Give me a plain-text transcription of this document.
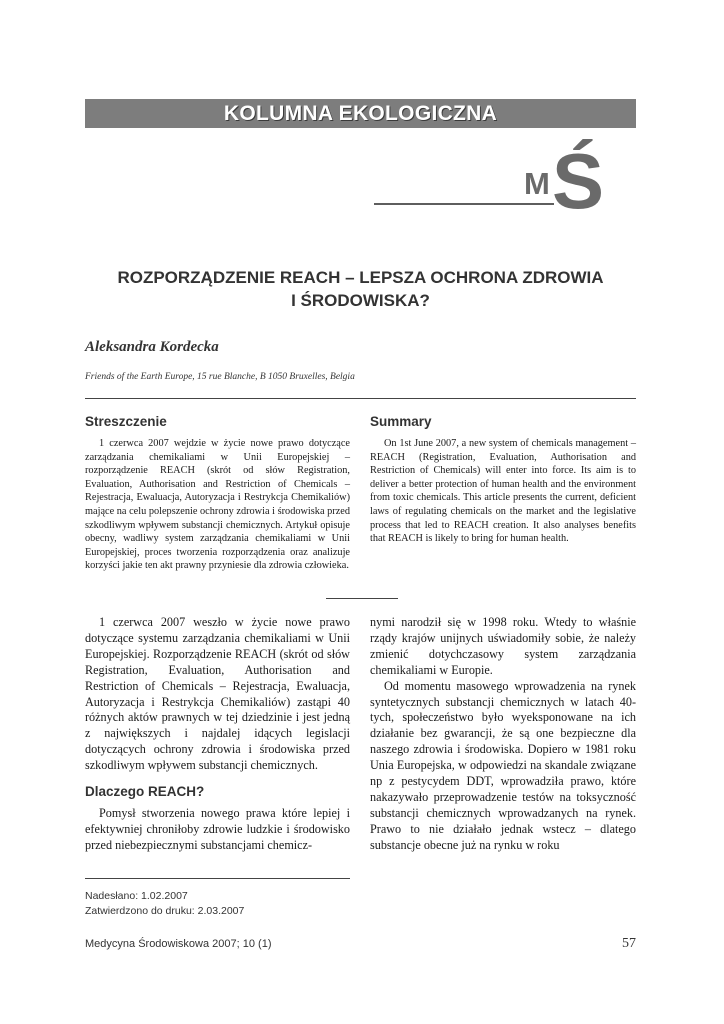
KOLUMNA EKOLOGICZNA
M Ś
ROZPORZĄDZENIE REACH – LEPSZA OCHRONA ZDROWIA
I ŚRODOWISKA?
Aleksandra Kordecka
Friends of the Earth Europe, 15 rue Blanche, B 1050 Bruxelles, Belgia
Streszczenie

1 czerwca 2007 wejdzie w życie nowe prawo dotyczące zarządzania chemikaliami w Unii Europejskiej – rozporządzenie REACH (skrót od słów Registration, Evaluation, Authorisation and Restriction of Chemicals – Rejestracja, Ewaluacja, Autoryzacja i Restrykcja Chemikaliów) mające na celu polepszenie ochrony zdrowia i środowiska przed szkodliwym wpływem substancji chemicznych. Artykuł opisuje obecny, wadliwy system zarządzania chemikaliami w Unii Europejskiej, proces tworzenia rozporządzenia oraz analizuje korzyści jakie ten akt prawny przyniesie dla zdrowia człowieka.

Summary

On 1st June 2007, a new system of chemicals management – REACH (Registration, Evaluation, Authorisation and Restriction of Chemicals) will enter into force. Its aim is to deliver a better protection of human health and the environment from toxic chemicals. This article presents the current, deficient laws of regulating chemicals on the market and the legislative process that led to REACH creation. It also analyses benefits that REACH is likely to bring for human health.

1 czerwca 2007 weszło w życie nowe prawo dotyczące systemu zarządzania chemikaliami w Unii Europejskiej. Rozporządzenie REACH (skrót od słów Registration, Evaluation, Authorisation and Restriction of Chemicals – Rejestracja, Ewaluacja, Autoryzacja i Restrykcja Chemikaliów) zastąpi 40 różnych aktów prawnych w tej dziedzinie i jest jedną z największych i najdalej idących legislacji dotyczących ochrony zdrowia i środowiska przed szkodliwym wpływem substancji chemicznych.

Dlaczego REACH?

Pomysł stworzenia nowego prawa które lepiej i efektywniej chroniłoby zdrowie ludzkie i środowisko przed niebezpiecznymi substancjami chemicz-

nymi narodził się w 1998 roku. Wtedy to właśnie rządy krajów unijnych uświadomiły sobie, że należy zmienić dotychczasowy system zarządzania chemikaliami w Europie.

Od momentu masowego wprowadzenia na rynek syntetycznych substancji chemicznych w latach 40-tych, społeczeństwo było wyeksponowane na ich działanie bez gwarancji, że są one bezpieczne dla naszego zdrowia i środowiska. Dopiero w 1981 roku Unia Europejska, w odpowiedzi na skandale związane np z pestycydem DDT, wprowadziła prawo, które nakazywało przeprowadzenie testów na toksyczność substancji chemicznych wprowadzanych na rynek. Prawo to nie działało jednak wstecz – dlatego substancje obecne już na rynku w roku

Nadesłano: 1.02.2007
Zatwierdzono do druku: 2.03.2007
Medycyna Środowiskowa 2007; 10 (1)	57
